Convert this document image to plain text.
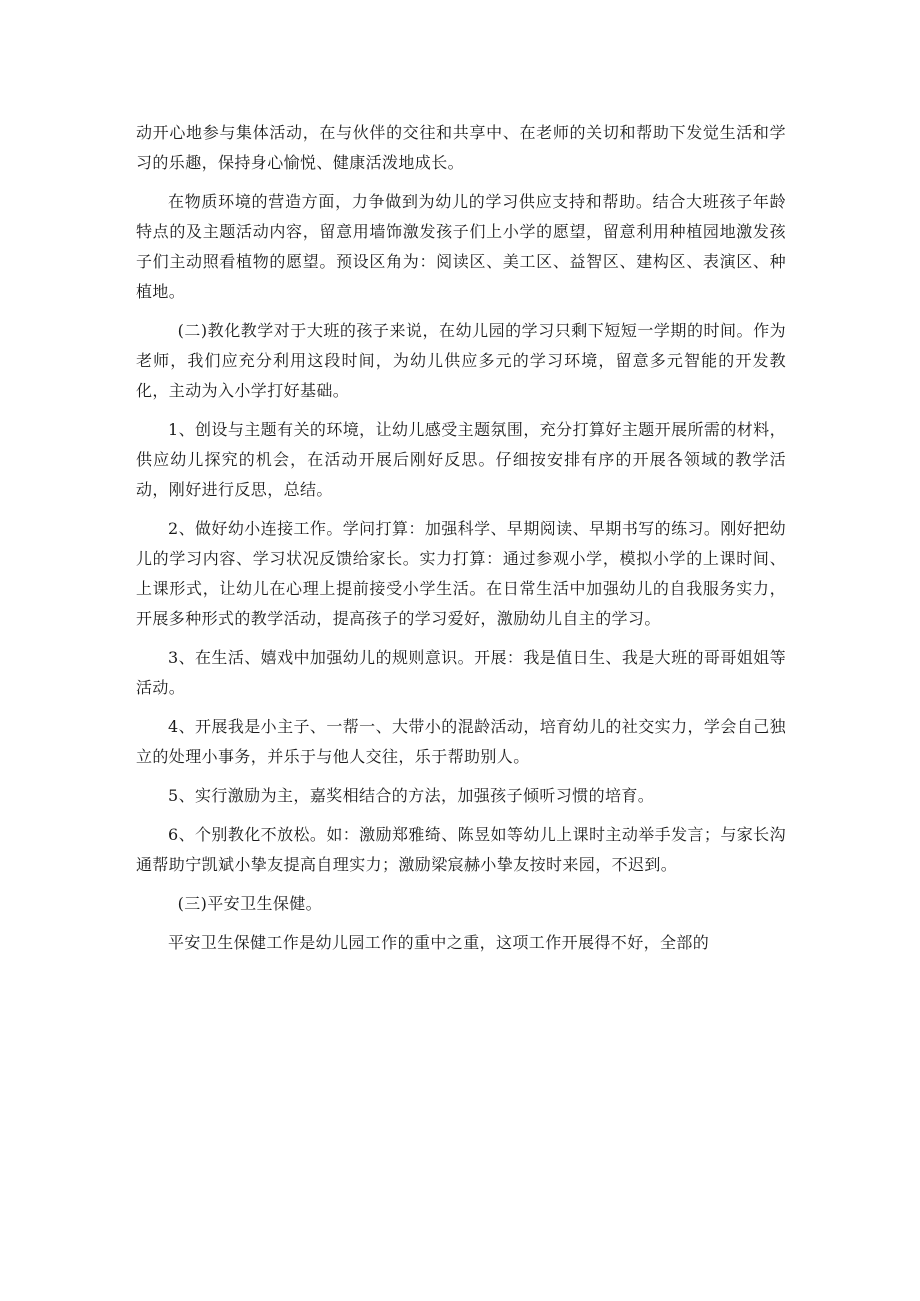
动开心地参与集体活动，在与伙伴的交往和共享中、在老师的关切和帮助下发觉生活和学习的乐趣，保持身心愉悦、健康活泼地成长。

在物质环境的营造方面，力争做到为幼儿的学习供应支持和帮助。结合大班孩子年龄特点的及主题活动内容，留意用墙饰激发孩子们上小学的愿望，留意利用种植园地激发孩子们主动照看植物的愿望。预设区角为：阅读区、美工区、益智区、建构区、表演区、种植地。

(二)教化教学对于大班的孩子来说，在幼儿园的学习只剩下短短一学期的时间。作为老师，我们应充分利用这段时间，为幼儿供应多元的学习环境，留意多元智能的开发教化，主动为入小学打好基础。

1、创设与主题有关的环境，让幼儿感受主题氛围，充分打算好主题开展所需的材料，供应幼儿探究的机会，在活动开展后刚好反思。仔细按安排有序的开展各领域的教学活动，刚好进行反思，总结。

2、做好幼小连接工作。学问打算：加强科学、早期阅读、早期书写的练习。刚好把幼儿的学习内容、学习状况反馈给家长。实力打算：通过参观小学，模拟小学的上课时间、上课形式，让幼儿在心理上提前接受小学生活。在日常生活中加强幼儿的自我服务实力，开展多种形式的教学活动，提高孩子的学习爱好，激励幼儿自主的学习。

3、在生活、嬉戏中加强幼儿的规则意识。开展：我是值日生、我是大班的哥哥姐姐等活动。

4、开展我是小主子、一帮一、大带小的混龄活动，培育幼儿的社交实力，学会自己独立的处理小事务，并乐于与他人交往，乐于帮助别人。

5、实行激励为主，嘉奖相结合的方法，加强孩子倾听习惯的培育。

6、个别教化不放松。如：激励郑雅绮、陈昱如等幼儿上课时主动举手发言；与家长沟通帮助宁凯斌小挚友提高自理实力；激励梁宸赫小挚友按时来园，不迟到。

(三)平安卫生保健。

平安卫生保健工作是幼儿园工作的重中之重，这项工作开展得不好，全部的
